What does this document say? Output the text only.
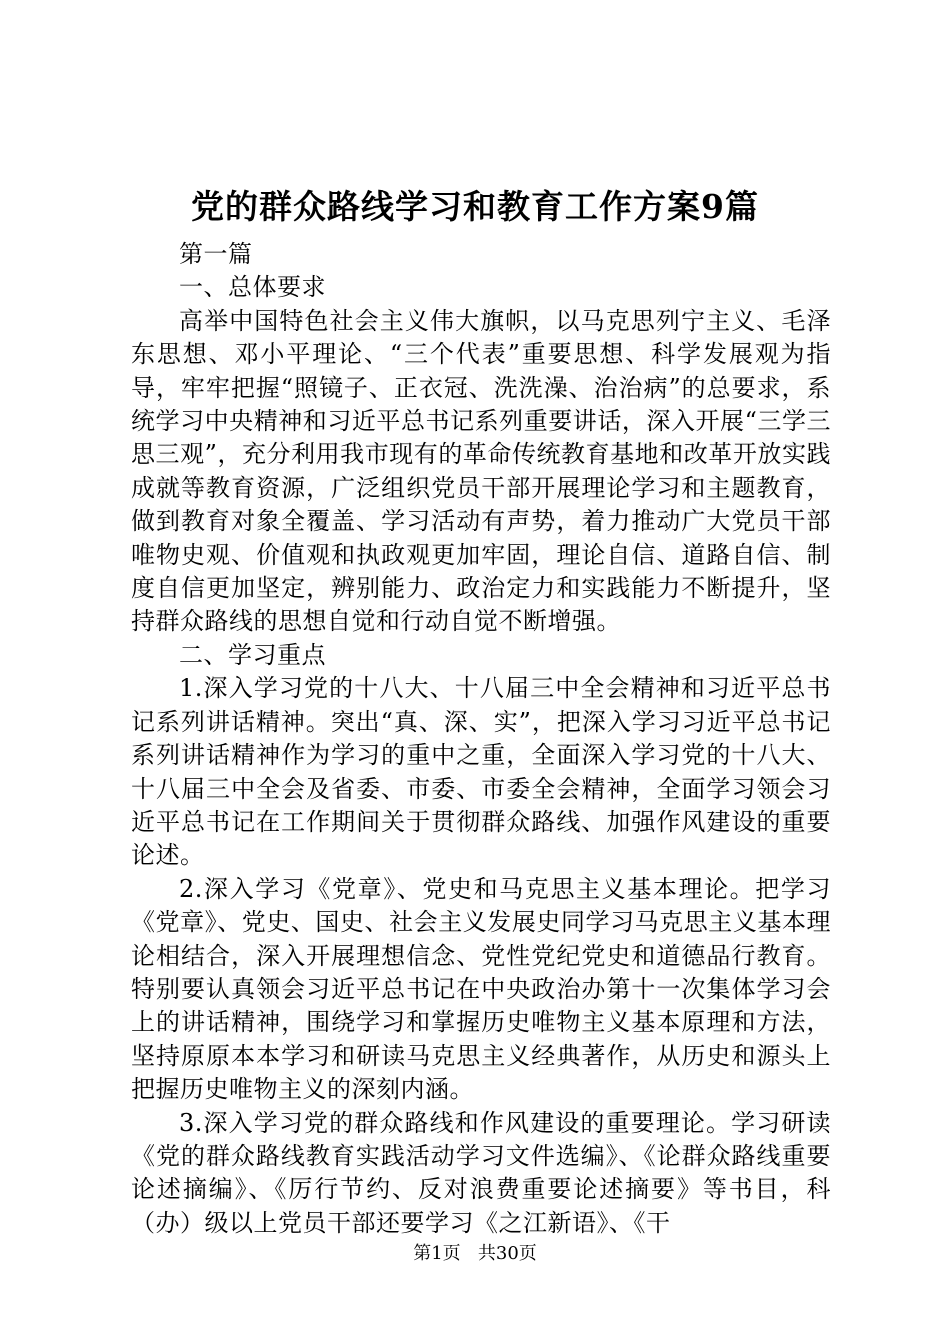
党的群众路线学习和教育工作方案9篇

第一篇

一、总体要求

高举中国特色社会主义伟大旗帜，以马克思列宁主义、毛泽东思想、邓小平理论、“三个代表”重要思想、科学发展观为指导，牢牢把握“照镜子、正衣冠、洗洗澡、治治病”的总要求，系统学习中央精神和习近平总书记系列重要讲话，深入开展“三学三思三观”，充分利用我市现有的革命传统教育基地和改革开放实践成就等教育资源，广泛组织党员干部开展理论学习和主题教育，做到教育对象全覆盖、学习活动有声势，着力推动广大党员干部唯物史观、价值观和执政观更加牢固，理论自信、道路自信、制度自信更加坚定，辨别能力、政治定力和实践能力不断提升，坚持群众路线的思想自觉和行动自觉不断增强。

二、学习重点

1.深入学习党的十八大、十八届三中全会精神和习近平总书记系列讲话精神。突出“真、深、实”，把深入学习习近平总书记系列讲话精神作为学习的重中之重，全面深入学习党的十八大、十八届三中全会及省委、市委、市委全会精神，全面学习领会习近平总书记在工作期间关于贯彻群众路线、加强作风建设的重要论述。

2.深入学习《党章》、党史和马克思主义基本理论。把学习《党章》、党史、国史、社会主义发展史同学习马克思主义基本理论相结合，深入开展理想信念、党性党纪党史和道德品行教育。特别要认真领会习近平总书记在中央政治办第十一次集体学习会上的讲话精神，围绕学习和掌握历史唯物主义基本原理和方法，坚持原原本本学习和研读马克思主义经典著作，从历史和源头上把握历史唯物主义的深刻内涵。

3.深入学习党的群众路线和作风建设的重要理论。学习研读《党的群众路线教育实践活动学习文件选编》、《论群众路线重要论述摘编》、《厉行节约、反对浪费重要论述摘要》等书目，科（办）级以上党员干部还要学习《之江新语》、《干

第1页 共30页
